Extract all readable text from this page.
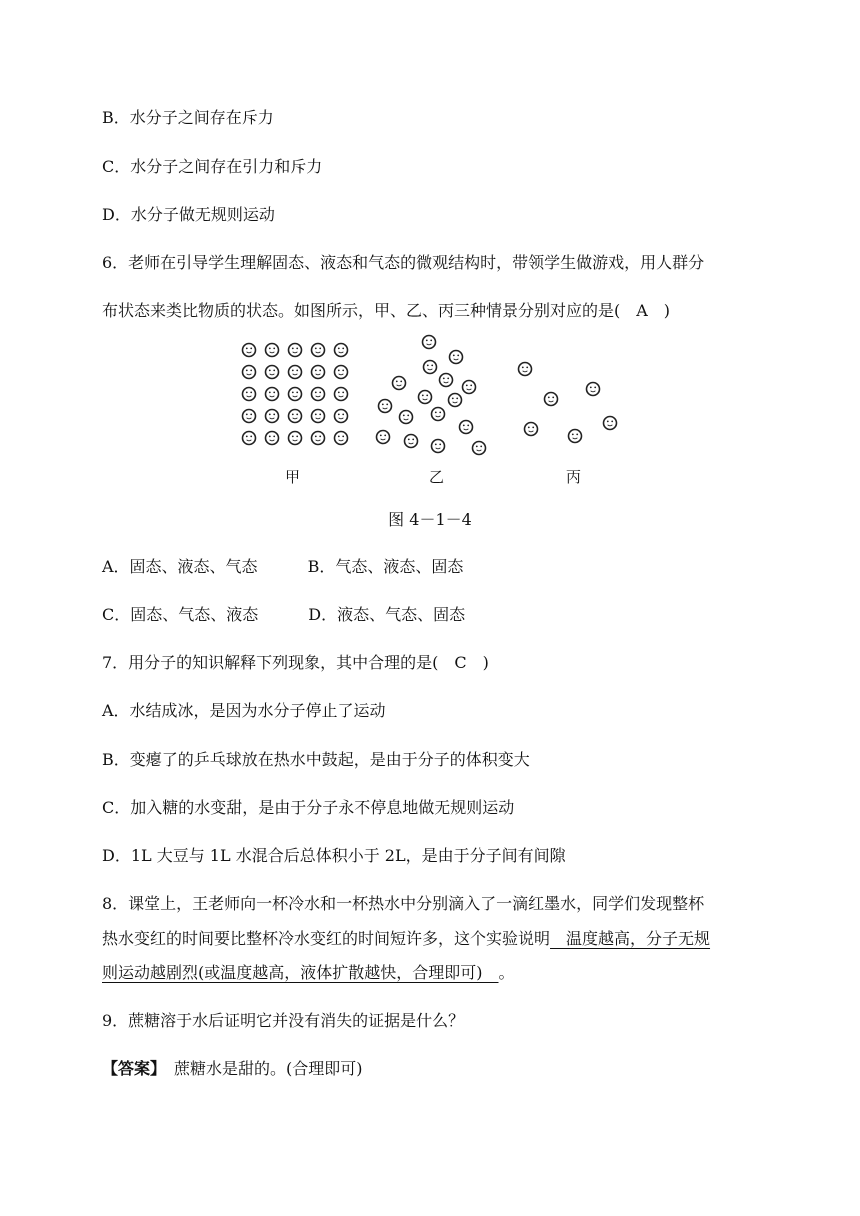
B．水分子之间存在斥力
C．水分子之间存在引力和斥力
D．水分子做无规则运动
6．老师在引导学生理解固态、液态和气态的微观结构时，带领学生做游戏，用人群分
布状态来类比物质的状态。如图所示，甲、乙、丙三种情景分别对应的是(　A　)
甲	乙	丙
图 4－1－4
A．固态、液态、气态	B．气态、液态、固态
C．固态、气态、液态	D．液态、气态、固态
7．用分子的知识解释下列现象，其中合理的是(　C　)
A．水结成冰，是因为水分子停止了运动
B．变瘪了的乒乓球放在热水中鼓起，是由于分子的体积变大
C．加入糖的水变甜，是由于分子永不停息地做无规则运动
D．1L 大豆与 1L 水混合后总体积小于 2L，是由于分子间有间隙
8．课堂上，王老师向一杯冷水和一杯热水中分别滴入了一滴红墨水，同学们发现整杯
热水变红的时间要比整杯冷水变红的时间短许多，这个实验说明　温度越高，分子无规
则运动越剧烈(或温度越高，液体扩散越快，合理即可)　。
9．蔗糖溶于水后证明它并没有消失的证据是什么？
【答案】　蔗糖水是甜的。(合理即可)
